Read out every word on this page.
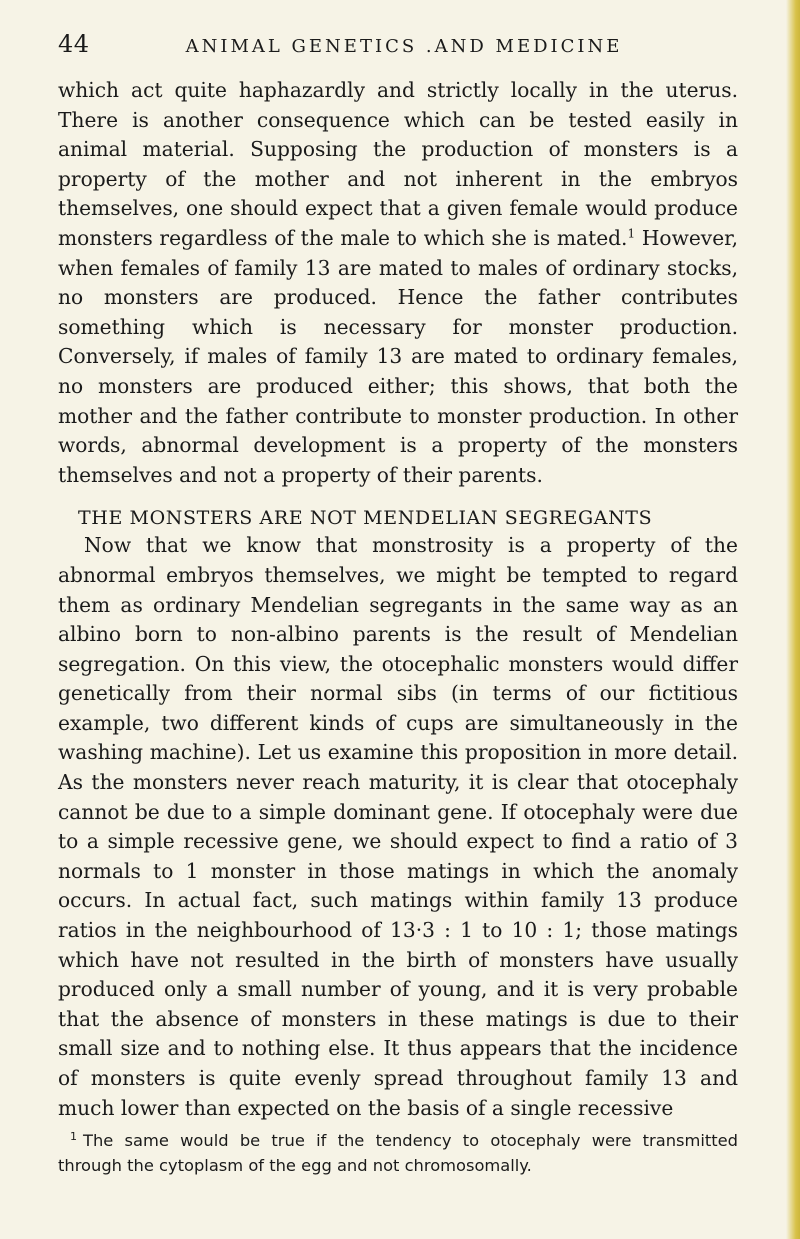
44	ANIMAL GENETICS .AND MEDICINE

which act quite haphazardly and strictly locally in the uterus. There is another consequence which can be tested easily in animal material. Supposing the production of monsters is a property of the mother and not inherent in the embryos themselves, one should expect that a given female would produce monsters regardless of the male to which she is mated.$^1$ However, when females of family 13 are mated to males of ordinary stocks, no monsters are produced. Hence the father contributes something which is necessary for monster production. Conversely, if males of family 13 are mated to ordinary females, no monsters are produced either; this shows, that both the mother and the father contribute to monster production. In other words, abnormal development is a property of the monsters themselves and not a property of their parents.

THE MONSTERS ARE NOT MENDELIAN SEGREGANTS

Now that we know that monstrosity is a property of the abnormal embryos themselves, we might be tempted to regard them as ordinary Mendelian segregants in the same way as an albino born to non-albino parents is the result of Mendelian segregation. On this view, the otocephalic monsters would differ genetically from their normal sibs (in terms of our fictitious example, two different kinds of cups are simultaneously in the washing machine). Let us examine this proposition in more detail. As the monsters never reach maturity, it is clear that otocephaly cannot be due to a simple dominant gene. If otocephaly were due to a simple recessive gene, we should expect to find a ratio of 3 normals to 1 monster in those matings in which the anomaly occurs. In actual fact, such matings within family 13 produce ratios in the neighbourhood of 13·3 : 1 to 10 : 1; those matings which have not resulted in the birth of monsters have usually produced only a small number of young, and it is very probable that the absence of monsters in these matings is due to their small size and to nothing else. It thus appears that the incidence of monsters is quite evenly spread throughout family 13 and much lower than expected on the basis of a single recessive

$^1$ The same would be true if the tendency to otocephaly were transmitted through the cytoplasm of the egg and not chromosomally.
